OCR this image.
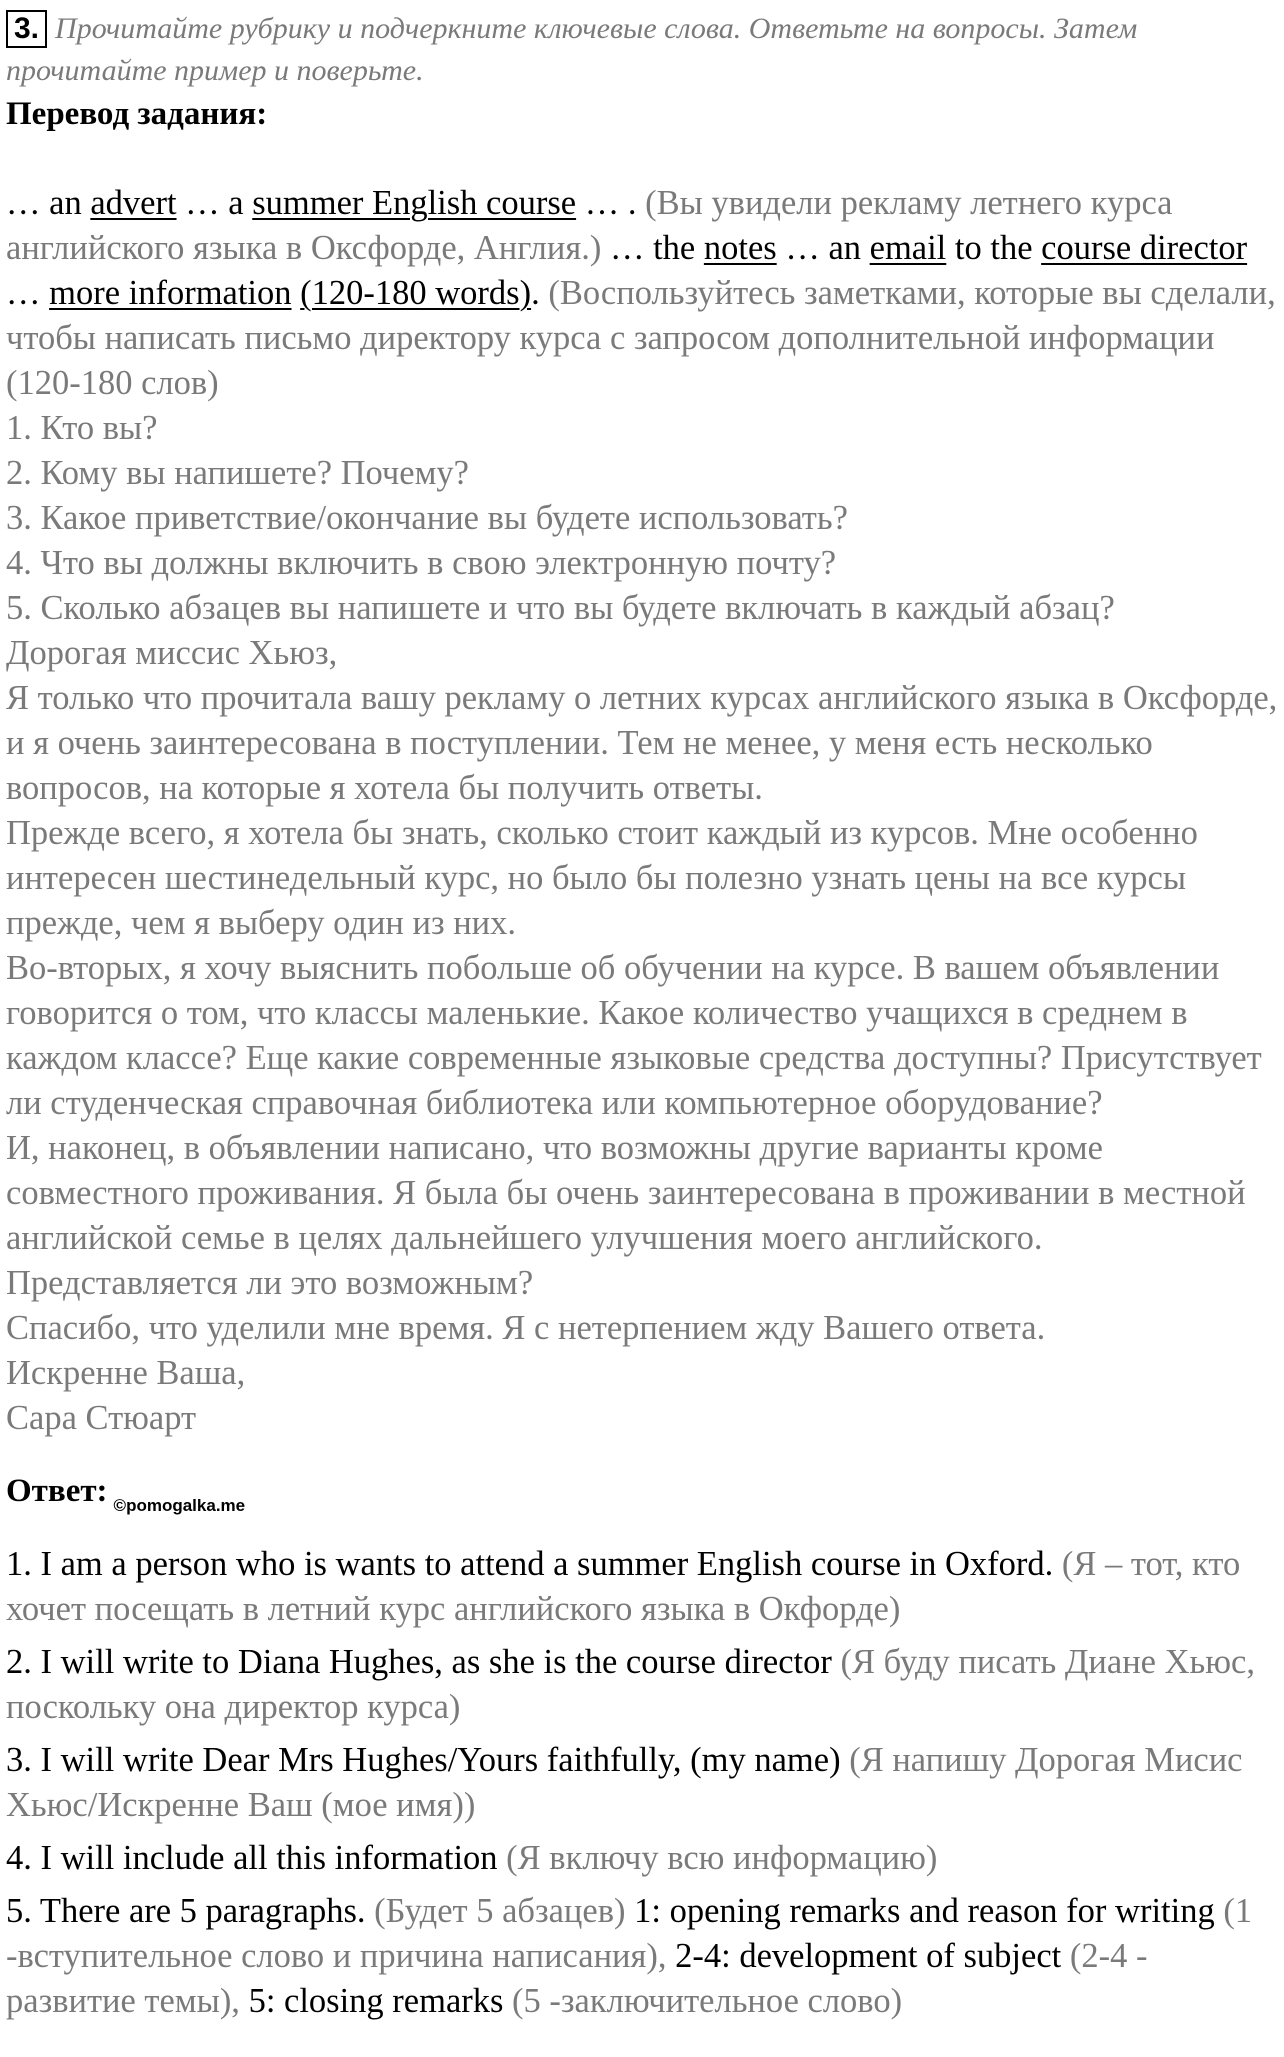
3. Прочитайте рубрику и подчеркните ключевые слова. Ответьте на вопросы. Затем прочитайте пример и поверьте.
Перевод задания:
… an advert … a summer English course … . (Вы увидели рекламу летнего курса английского языка в Оксфорде, Англия.) … the notes … an email to the course director … more information (120-180 words). (Воспользуйтесь заметками, которые вы сделали, чтобы написать письмо директору курса с запросом дополнительной информации (120-180 слов)
1. Кто вы?
2. Кому вы напишете? Почему?
3. Какое приветствие/окончание вы будете использовать?
4. Что вы должны включить в свою электронную почту?
5. Сколько абзацев вы напишете и что вы будете включать в каждый абзац?
Дорогая миссис Хьюз,
Я только что прочитала вашу рекламу о летних курсах английского языка в Оксфорде, и я очень заинтересована в поступлении. Тем не менее, у меня есть несколько вопросов, на которые я хотела бы получить ответы.
Прежде всего, я хотела бы знать, сколько стоит каждый из курсов. Мне особенно интересен шестинедельный курс, но было бы полезно узнать цены на все курсы прежде, чем я выберу один из них.
Во-вторых, я хочу выяснить побольше об обучении на курсе. В вашем объявлении говорится о том, что классы маленькие. Какое количество учащихся в среднем в каждом классе? Еще какие современные языковые средства доступны? Присутствует ли студенческая справочная библиотека или компьютерное оборудование?
И, наконец, в объявлении написано, что возможны другие варианты кроме совместного проживания. Я была бы очень заинтересована в проживании в местной английской семье в целях дальнейшего улучшения моего английского. Представляется ли это возможным?
Спасибо, что уделили мне время. Я с нетерпением жду Вашего ответа.
Искренне Ваша,
Сара Стюарт
Ответ: $_{©pomogalka.me}$
1. I am a person who is wants to attend a summer English course in Oxford. (Я – тот, кто хочет посещать в летний курс английского языка в Окфорде)
2. I will write to Diana Hughes, as she is the course director (Я буду писать Диане Хьюс, поскольку она директор курса)
3. I will write Dear Mrs Hughes/Yours faithfully, (my name) (Я напишу Дорогая Мисис Хьюс/Искренне Ваш (мое имя))
4. I will include all this information (Я включу всю информацию)
5. There are 5 paragraphs. (Будет 5 абзацев) 1: opening remarks and reason for writing (1 -вступительное слово и причина написания), 2-4: development of subject (2-4 - развитие темы), 5: closing remarks (5 -заключительное слово)
